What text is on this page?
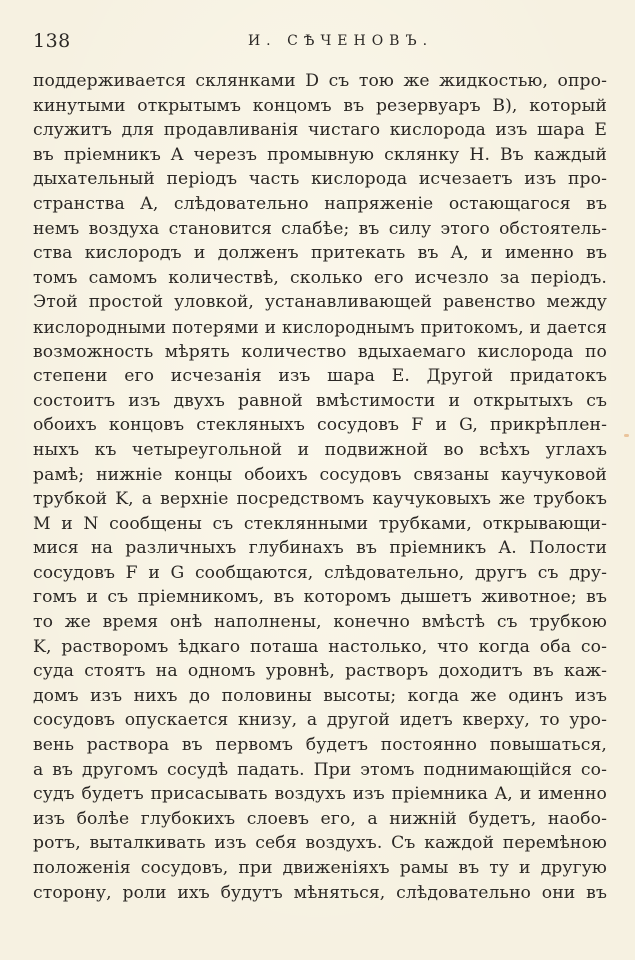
138	И. СѢЧЕНОВЪ.
поддерживается склянками D съ тою же жидкостью, опро-
кинутыми открытымъ концомъ въ резервуаръ B), который
служитъ для продавливанія чистаго кислорода изъ шара E
въ пріемникъ A черезъ промывную склянку H. Въ каждый
дыхательный періодъ часть кислорода исчезаетъ изъ про-
странства A, слѣдовательно напряженіе остающагося въ
немъ воздуха становится слабѣе; въ силу этого обстоятель-
ства кислородъ и долженъ притекать въ A, и именно въ
томъ самомъ количествѣ, сколько его исчезло за періодъ.
Этой простой уловкой, устанавливающей равенство между
кислородными потерями и кислороднымъ притокомъ, и дается
возможность мѣрять количество вдыхаемаго кислорода по
степени его исчезанія изъ шара E. Другой придатокъ
состоитъ изъ двухъ равной вмѣстимости и открытыхъ съ
обоихъ концовъ стекляныхъ сосудовъ F и G, прикрѣплен-
ныхъ къ четыреугольной и подвижной во всѣхъ углахъ
рамѣ; нижніе концы обоихъ сосудовъ связаны каучуковой
трубкой K, а верхніе посредствомъ каучуковыхъ же трубокъ
M и N сообщены съ стеклянными трубками, открывающи-
мися на различныхъ глубинахъ въ пріемникъ A. Полости
сосудовъ F и G сообщаются, слѣдовательно, другъ съ дру-
гомъ и съ пріемникомъ, въ которомъ дышетъ животное; въ
то же время онѣ наполнены, конечно вмѣстѣ съ трубкою
K, растворомъ ѣдкаго поташа настолько, что когда оба со-
суда стоятъ на одномъ уровнѣ, растворъ доходитъ въ каж-
домъ изъ нихъ до половины высоты; когда же одинъ изъ
сосудовъ опускается книзу, а другой идетъ кверху, то уро-
вень раствора въ первомъ будетъ постоянно повышаться,
а въ другомъ сосудѣ падать. При этомъ поднимающійся со-
судъ будетъ присасывать воздухъ изъ пріемника A, и именно
изъ болѣе глубокихъ слоевъ его, а нижній будетъ, наобо-
ротъ, выталкивать изъ себя воздухъ. Съ каждой перемѣною
положенія сосудовъ, при движеніяхъ рамы въ ту и другую
сторону, роли ихъ будутъ мѣняться, слѣдовательно они въ
